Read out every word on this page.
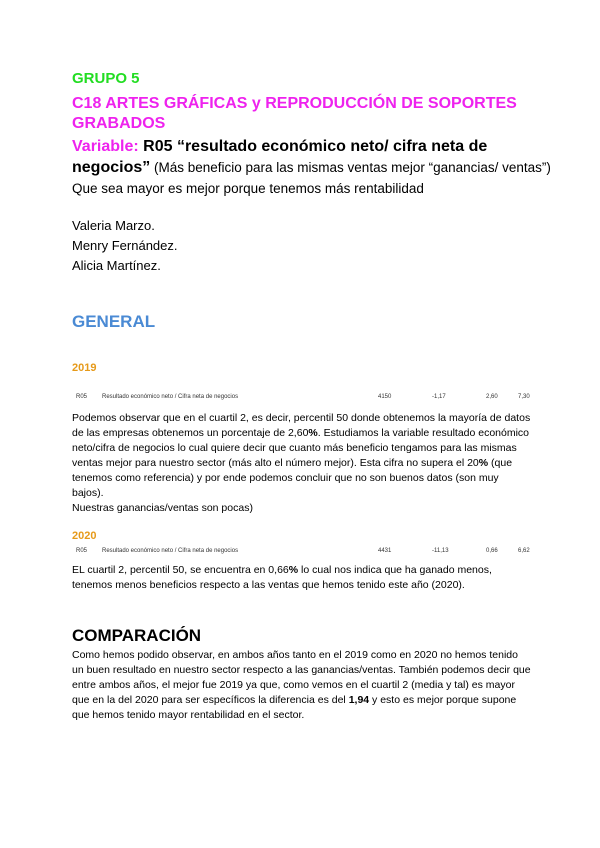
GRUPO 5
C18 ARTES GRÁFICAS y REPRODUCCIÓN DE SOPORTES GRABADOS
Variable: R05 “resultado económico neto/ cifra neta de negocios” (Más beneficio para las mismas ventas mejor “ganancias/ ventas”) Que sea mayor es mejor porque tenemos más rentabilidad
Valeria Marzo.
Menry Fernández.
Alicia Martínez.
GENERAL
2019
R05 Resultado económico neto / Cifra neta de negocios	4150	-1,17	2,60	7,30
Podemos observar que en el cuartil 2, es decir, percentil 50 donde obtenemos la mayoría de datos de las empresas obtenemos un porcentaje de 2,60%. Estudiamos la variable resultado económico neto/cifra de negocios lo cual quiere decir que cuanto más beneficio tengamos para las mismas ventas mejor para nuestro sector (más alto el número mejor). Esta cifra no supera el 20% (que tenemos como referencia) y por ende podemos concluir que no son buenos datos (son muy bajos).
Nuestras ganancias/ventas son pocas)
2020
R05 Resultado económico neto / Cifra neta de negocios	4431	-11,13	0,66	6,62
EL cuartil 2, percentil 50, se encuentra en 0,66% lo cual nos indica que ha ganado menos, tenemos menos beneficios respecto a las ventas que hemos tenido este año (2020).
COMPARACIÓN
Como hemos podido observar, en ambos años tanto en el 2019 como en 2020 no hemos tenido un buen resultado en nuestro sector respecto a las ganancias/ventas. También podemos decir que entre ambos años, el mejor fue 2019 ya que, como vemos en el cuartil 2 (media y tal) es mayor que en la del 2020 para ser específicos la diferencia es del 1,94 y esto es mejor porque supone que hemos tenido mayor rentabilidad en el sector.
